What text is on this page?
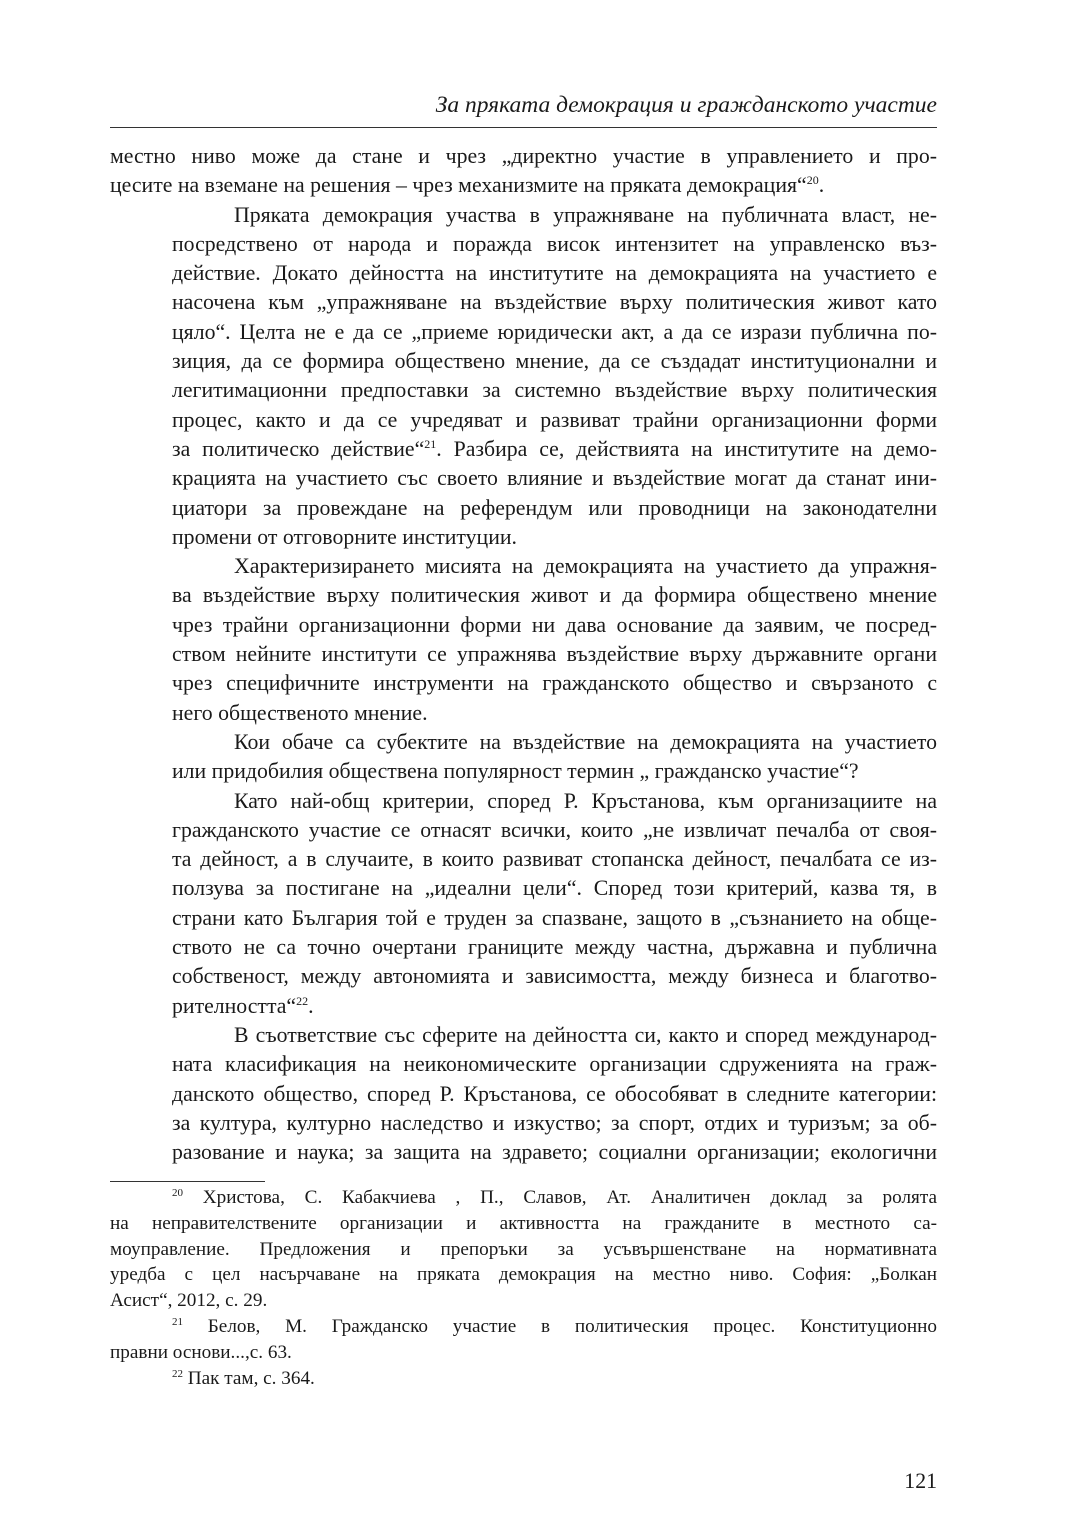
За пряката демокрация и гражданското участие
местно ниво може да стане и чрез „директно участие в управлението и про-
цесите на вземане на решения – чрез механизмите на пряката демокрация“$^{20}$.
Пряката демокрация участва в упражняване на публичната власт, не-
посредствено от народа и поражда висок интензитет на управленско въз-
действие. Докато дейността на институтите на демокрацията на участието е
насочена към „упражняване на въздействие върху политическия живот като
цяло“. Целта не е да се „приеме юридически акт, а да се изрази публична по-
зиция, да се формира обществено мнение, да се създадат институционални и
легитимационни предпоставки за системно въздействие върху политическия
процес, както и да се учредяват и развиват трайни организационни форми
за политическо действие“$^{21}$. Разбира се, действията на институтите на демо-
крацията на участието със своето влияние и въздействие могат да станат ини-
циатори за провеждане на референдум или проводници на законодателни
промени от отговорните институции.
Характеризирането мисията на демокрацията на участието да упражня-
ва въздействие върху политическия живот и да формира обществено мнение
чрез трайни организационни форми ни дава основание да заявим, че посред-
ством нейните институти се упражнява въздействие върху държавните органи
чрез специфичните инструменти на гражданското общество и свързаното с
него общественото мнение.
Кои обаче са субектите на въздействие на демокрацията на участието
или придобилия обществена популярност термин „ гражданско участие“?
Като най-общ критерии, според Р. Кръстанова, към организациите на
гражданското участие се отнасят всички, които „не извличат печалба от своя-
та дейност, а в случаите, в които развиват стопанска дейност, печалбата се из-
ползува за постигане на „идеални цели“. Според този критерий, казва тя, в
страни като България той е труден за спазване, защото в „съзнанието на обще-
ството не са точно очертани границите между частна, държавна и публична
собственост, между автономията и зависимостта, между бизнеса и благотво-
рителността“$^{22}$.
В съответствие със сферите на дейността си, както и според международ-
ната класификация на неикономическите организации сдруженията на граж-
данското общество, според Р. Кръстанова, се обособяват в следните категории:
за култура, културно наследство и изкуство; за спорт, отдих и туризъм; за об-
разование и наука; за защита на здравето; социални организации; екологични
$^{20}$ Христова, С. Кабакчиева , П., Славов, Ат. Аналитичен доклад за ролята
на неправителствените организации и активността на гражданите в местното са-
моуправление. Предложения и препоръки за усъвършенстване на нормативната
уредба с цел насърчаване на пряката демокрация на местно ниво. София: „Болкан
Асист“, 2012, с. 29.
$^{21}$ Белов, М. Гражданско участие в политическия процес. Конституционно
правни основи...,с. 63.
$^{22}$ Пак там, с. 364.
121
